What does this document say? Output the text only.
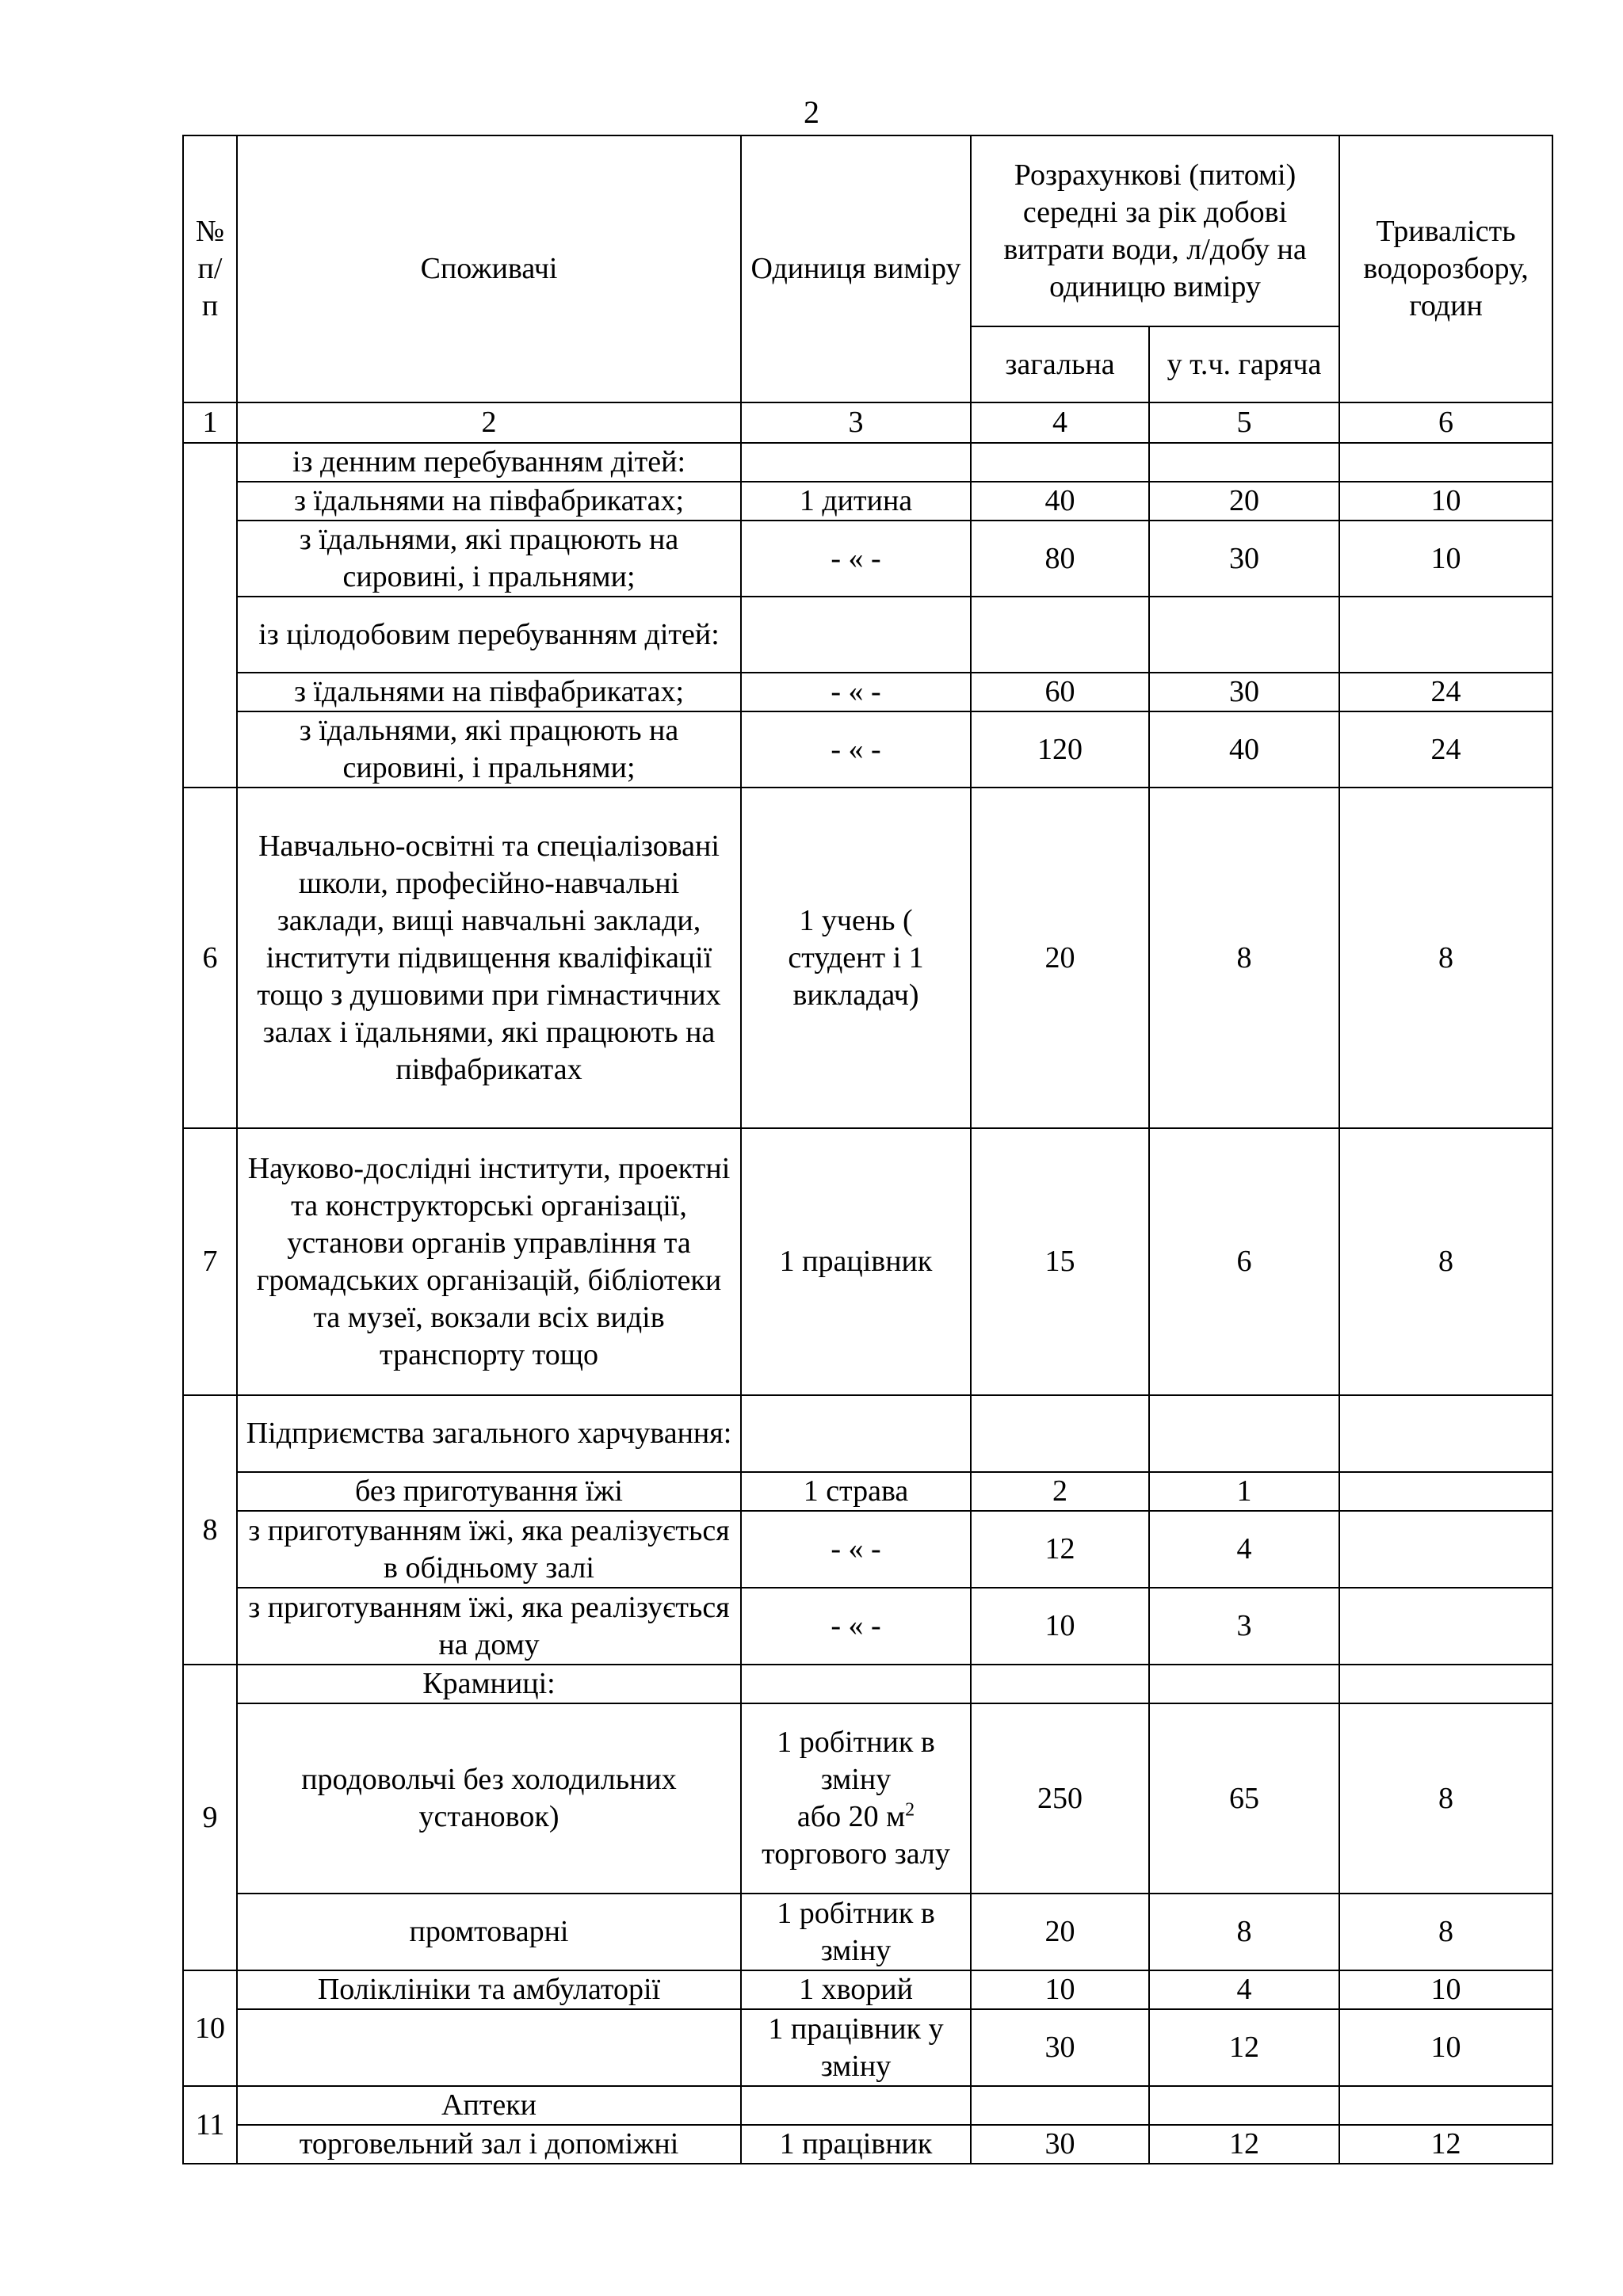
2
№ п/п	Споживачі	Одиниця виміру	Розрахункові (питомі) середні за рік добові витрати води, л/добу на одиницю виміру		Тривалість водорозбору, годин
			загальна	у т.ч. гаряча	
1	2	3	4	5	6
	із денним перебуванням дітей:				
	з їдальнями на півфабрикатах;	1 дитина	40	20	10
	з їдальнями, які працюють на сировині, і пральнями;	- « -	80	30	10
	із цілодобовим перебуванням дітей:				
	з їдальнями на півфабрикатах;	- « -	60	30	24
	з їдальнями, які працюють на сировині, і пральнями;	- « -	120	40	24
6	Навчально-освітні та спеціалізовані школи, професійно-навчальні заклади, вищі навчальні заклади, інститути підвищення кваліфікації тощо з душовими при гімнастичних залах і їдальнями, які працюють на півфабрикатах	1 учень ( студент і 1 викладач)	20	8	8
7	Науково-дослідні інститути, проектні та конструкторські організації, установи органів управління та громадських організацій, бібліотеки та музеї, вокзали всіх видів транспорту тощо	1 працівник	15	6	8
8	Підприємства загального харчування:				
	без приготування їжі	1 страва	2	1	
	з приготуванням їжі, яка реалізується в обідньому залі	- « -	12	4	
	з приготуванням їжі, яка реалізується на дому	- « -	10	3	
9	Крамниці:				
	продовольчі без холодильних установок)	1 робітник в зміну
або 20 $м^2$
торгового залу	250	65	8
	промтоварні	1 робітник в зміну	20	8	8
10	Поліклініки та амбулаторії	1 хворий	10	4	10
		1 працівник у зміну	30	12	10
11	Аптеки				
	торговельний зал і допоміжні	1 працівник	30	12	12
